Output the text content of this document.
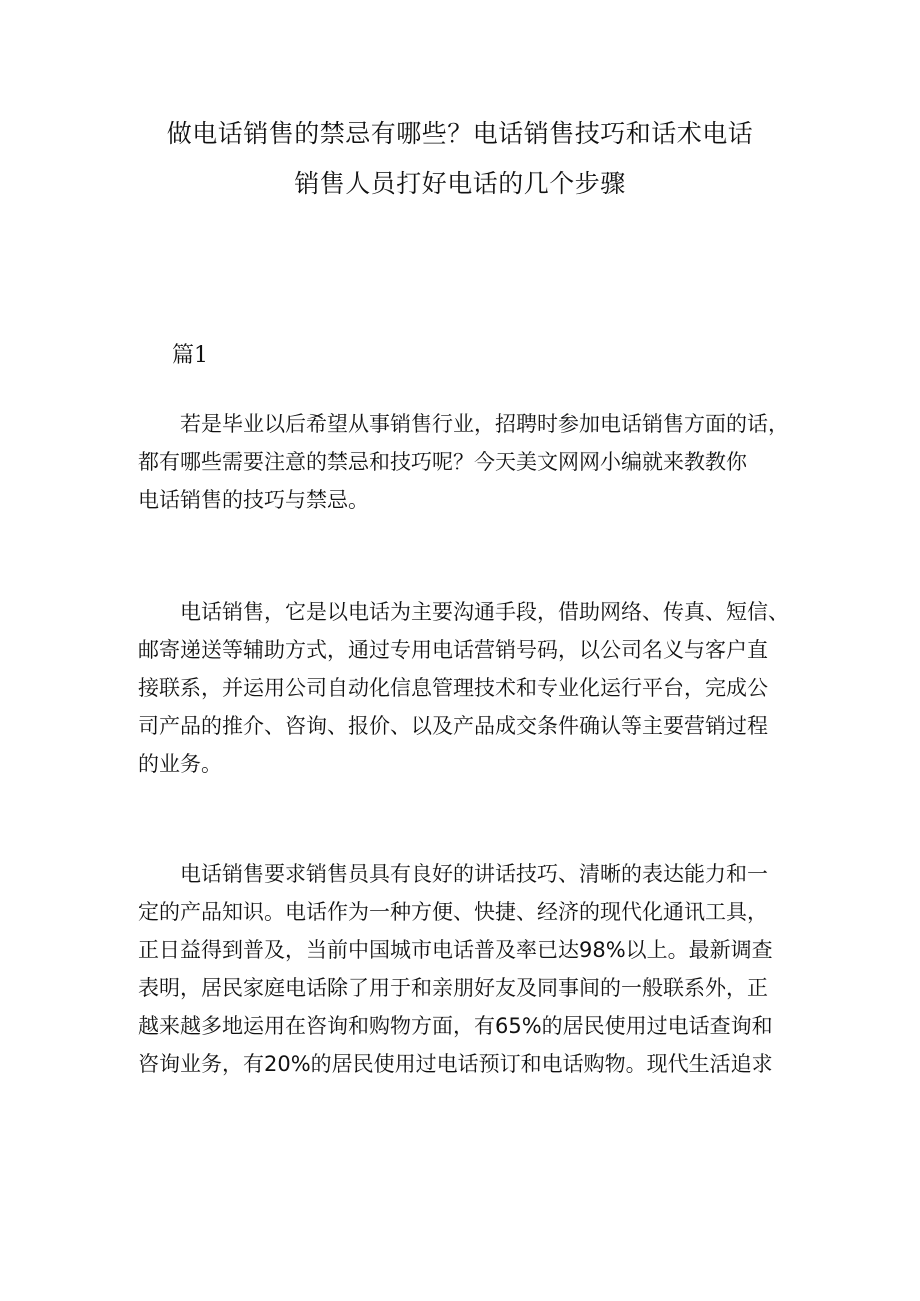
做电话销售的禁忌有哪些？电话销售技巧和话术电话
销售人员打好电话的几个步骤
篇1
若是毕业以后希望从事销售行业，招聘时参加电话销售方面的话，
都有哪些需要注意的禁忌和技巧呢？今天美文网网小编就来教教你
电话销售的技巧与禁忌。
电话销售，它是以电话为主要沟通手段，借助网络、传真、短信、
邮寄递送等辅助方式，通过专用电话营销号码，以公司名义与客户直
接联系，并运用公司自动化信息管理技术和专业化运行平台，完成公
司产品的推介、咨询、报价、以及产品成交条件确认等主要营销过程
的业务。
电话销售要求销售员具有良好的讲话技巧、清晰的表达能力和一
定的产品知识。电话作为一种方便、快捷、经济的现代化通讯工具，
正日益得到普及，当前中国城市电话普及率已达98%以上。最新调查
表明，居民家庭电话除了用于和亲朋好友及同事间的一般联系外，正
越来越多地运用在咨询和购物方面，有65%的居民使用过电话查询和
咨询业务，有20%的居民使用过电话预订和电话购物。现代生活追求
